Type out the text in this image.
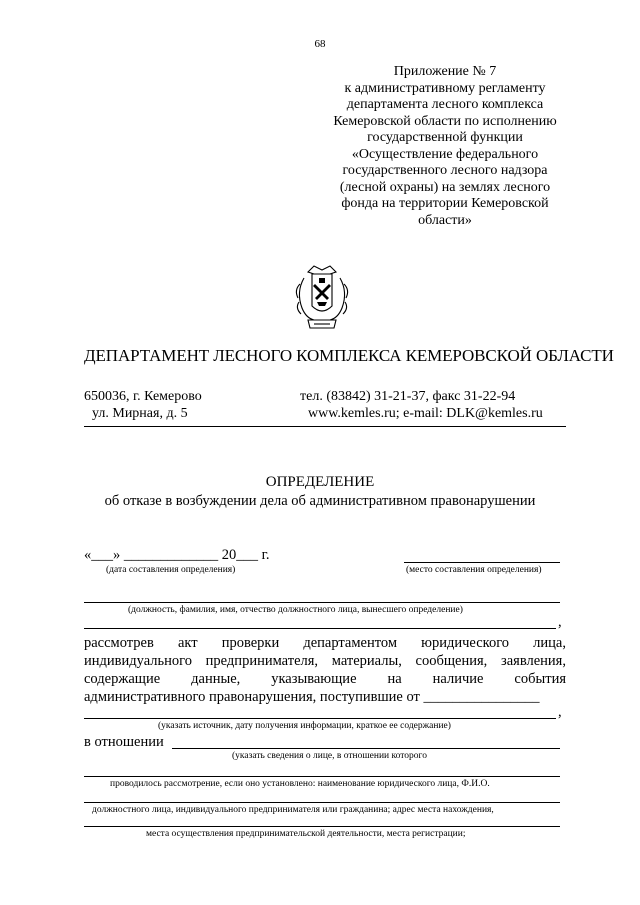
68
Приложение № 7
к административному регламенту
департамента лесного комплекса
Кемеровской области по исполнению
государственной функции
«Осуществление федерального
государственного лесного надзора
(лесной охраны) на землях лесного
фонда на территории Кемеровской
области»
ДЕПАРТАМЕНТ ЛЕСНОГО КОМПЛЕКСА КЕМЕРОВСКОЙ ОБЛАСТИ
650036, г. Кемерово
ул. Мирная, д. 5
тел. (83842) 31-21-37, факс 31-22-94
www.kemles.ru; e-mail: DLK@kemles.ru
ОПРЕДЕЛЕНИЕ
об отказе в возбуждении дела об административном правонарушении
«___» _____________ 20___ г.
(дата составления определения)	(место составления определения)
(должность, фамилия, имя, отчество должностного лица, вынесшего определение)
,
рассмотрев акт проверки департаментом юридического лица,
индивидуального предпринимателя, материалы, сообщения, заявления,
содержащие данные, указывающие на наличие события
административного правонарушения, поступившие от ________________
,
(указать источник, дату получения информации, краткое ее содержание)
в отношении
(указать сведения о лице, в отношении которого
проводилось рассмотрение, если оно установлено: наименование юридического лица, Ф.И.О.
должностного лица, индивидуального предпринимателя или гражданина; адрес места нахождения,
места осуществления предпринимательской деятельности, места регистрации;
